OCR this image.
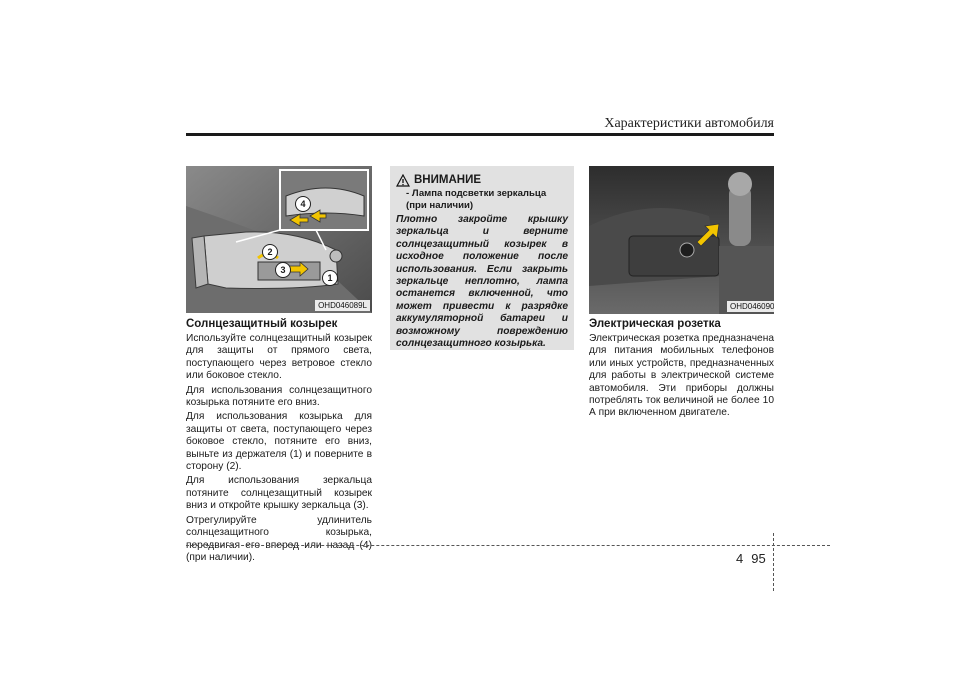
Характеристики автомобиля
4
2
3
1
OHD046089L
Солнцезащитный козырек

Используйте солнцезащитный козырек для защиты от прямого света, поступающего через ветровое стекло или боковое стекло.

Для использования солнцезащитного козырька потяните его вниз.

Для использования козырька для защиты от света, поступающего через боковое стекло, потяните его вниз, выньте из держателя (1) и поверните в сторону (2).

Для использования зеркальца потяните солнцезащитный козырек вниз и откройте крышку зеркальца (3).

Отрегулируйте удлинитель солнцезащитного козырька, передвигая его вперед или назад (4) (при наличии).

ВНИМАНИЕ
- Лампа подсветки зеркальца (при наличии)
Плотно закройте крышку зеркальца и верните солнцезащитный козырек в исходное положение после использования. Если закрыть зеркальце неплотно, лампа останется включенной, что может привести к разрядке аккумуляторной батареи и возможному повреждению солнцезащитного козырька.
OHD046090
Электрическая розетка

Электрическая розетка предназначена для питания мобильных телефонов или иных устройств, предназначенных для работы в электрической системе автомобиля. Эти приборы должны потреблять ток величиной не более 10 А при включенном двигателе.

4 95
